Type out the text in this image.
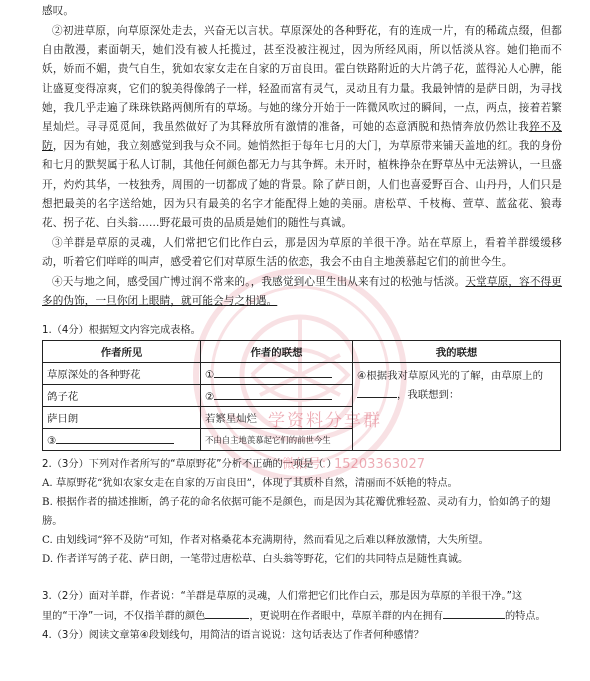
学资料分享群
微信号：15203363027

感叹。

②初进草原，向草原深处走去，兴奋无以言状。草原深处的各种野花，有的连成一片，有的稀疏点缀，但都自由散漫，素面朝天，她们没有被人托揽过，甚至没被注视过，因为所经风雨，所以恬淡从容。她们艳而不妖，娇而不媚，贵气自生，犹如农家女走在自家的万亩良田。霍白铁路附近的大片鸽子花，蓝得沁人心脾，能让盛夏变得凉爽，它们的貌美得像鸽子一样，轻盈而富有灵气，灵动且有力量。我最钟情的是萨日朗，为寻找她，我几乎走遍了珠珠铁路两侧所有的草场。与她的缘分开始于一阵微风吹过的瞬间，一点，两点，接着若繁星灿烂。寻寻觅觅间，我虽然做好了为其释放所有激情的准备，可她的态意洒脱和热情奔放仍然让我猝不及防，因为有她，我立刻感觉到我与众不同。她悄然拒于每年七月的大门，为草原带来铺天盖地的红。我的身份和七月的默契属于私人订制，其他任何颜色都无力与其争辉。未开时，植株挣杂在野草丛中无法辨认，一旦盛开，灼灼其华，一枝独秀，周围的一切都成了她的背景。除了萨日朗，人们也喜爱野百合、山丹丹，人们只是想把最美的名字送给她，因为只有最美的名字才能配得上她的美丽。唐松草、千枝梅、萱草、蓝盆花、狼毒花、拐子花、白头翁……野花最可贵的品质是她们的随性与真诚。

③羊群是草原的灵魂，人们常把它们比作白云，那是因为草原的羊很干净。站在草原上，看着羊群缓缓移动，听着它们咩咩的叫声，感受着它们对草原生活的依恋，我会不由自主地羡慕起它们的前世今生。

④天与地之间，感受国广博过润不常来的。，我感觉到心里生出从来有过的松弛与恬淡。天堂草原，容不得更多的伪饰，一旦你闭上眼睛，就可能会与之相遇。

1.（4分）根据短文内容完成表格。

作者所见	作者的联想	我的联想
草原深处的各种野花	①	④根据我对草原风光的了解，由草原上的，我联想到：
鸽子花	②	
萨日朗	若繁星灿烂	
③	不由自主地羡慕起它们的前世今生	

2.（3分）下列对作者所写的“草原野花”分析不正确的一项是（ ）

A. 草原野花“犹如农家女走在自家的万亩良田”，体现了其质朴自然，清丽而不妖艳的特点。

B. 根据作者的描述推断，鸽子花的命名依据可能不是颜色，而是因为其花瓣优雅轻盈、灵动有力，恰如鸽子的翅膀。

C. 由划线词“猝不及防”可知，作者对格桑花本充满期待，然而看见之后难以释放激情，大失所望。

D. 作者详写鸽子花、萨日朗，一笔带过唐松草、白头翁等野花，它们的共同特点是随性真诚。

3.（2分）面对羊群，作者说：“羊群是草原的灵魂，人们常把它们比作白云，那是因为草原的羊很干净。”这

里的“干净”一词，不仅指羊群的颜色	，更说明在作者眼中，草原羊群的内在拥有	的特点。

4.（3分）阅读文章第④段划线句，用简洁的语言说说：这句话表达了作者何种感情？
